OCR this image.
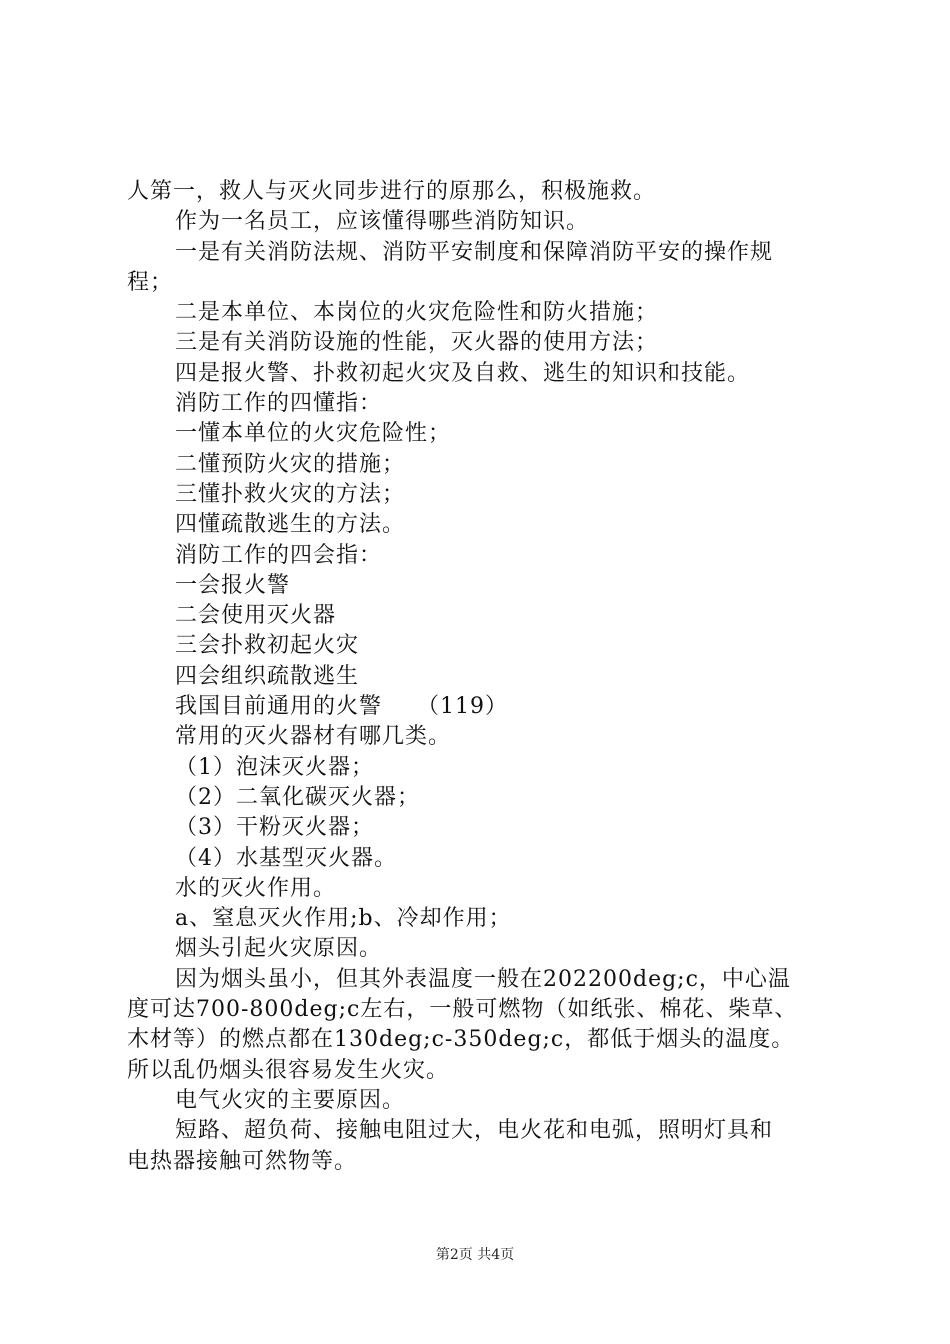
人第一，救人与灭火同步进行的原那么，积极施救。
作为一名员工，应该懂得哪些消防知识。
一是有关消防法规、消防平安制度和保障消防平安的操作规
程；
二是本单位、本岗位的火灾危险性和防火措施；
三是有关消防设施的性能，灭火器的使用方法；
四是报火警、扑救初起火灾及自救、逃生的知识和技能。
消防工作的四懂指：
一懂本单位的火灾危险性；
二懂预防火灾的措施；
三懂扑救火灾的方法；
四懂疏散逃生的方法。
消防工作的四会指：
一会报火警
二会使用灭火器
三会扑救初起火灾
四会组织疏散逃生
我国目前通用的火警　　（119）
常用的灭火器材有哪几类。
（1）泡沫灭火器；
（2）二氧化碳灭火器；
（3）干粉灭火器；
（4）水基型灭火器。
水的灭火作用。
a、窒息灭火作用;b、冷却作用；
烟头引起火灾原因。
因为烟头虽小，但其外表温度一般在202200deg;c，中心温
度可达700-800deg;c左右，一般可燃物（如纸张、棉花、柴草、
木材等）的燃点都在130deg;c-350deg;c，都低于烟头的温度。
所以乱仍烟头很容易发生火灾。
电气火灾的主要原因。
短路、超负荷、接触电阻过大，电火花和电弧，照明灯具和
电热器接触可然物等。
第2页 共4页
